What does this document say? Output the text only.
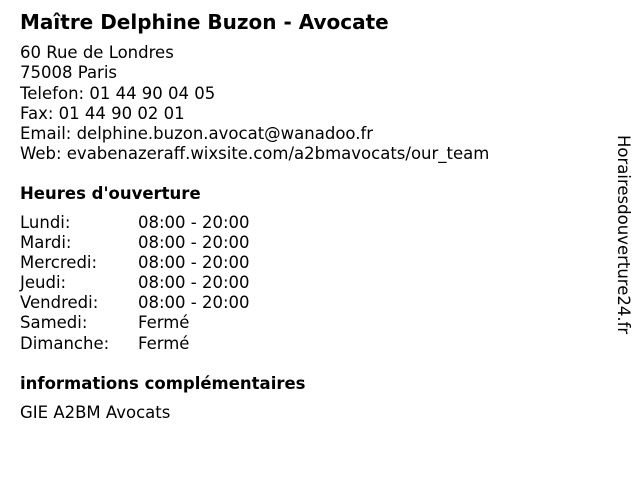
Maître Delphine Buzon - Avocate
60 Rue de Londres
75008 Paris
Telefon: 01 44 90 04 05
Fax: 01 44 90 02 01
Email: delphine.buzon.avocat@wanadoo.fr
Web: evabenazeraff.wixsite.com/a2bmavocats/our_team
Heures d'ouverture
Lundi:	08:00 - 20:00
Mardi:	08:00 - 20:00
Mercredi:	08:00 - 20:00
Jeudi:	08:00 - 20:00
Vendredi:	08:00 - 20:00
Samedi:	Fermé
Dimanche:	Fermé
informations complémentaires
GIE A2BM Avocats
Horairesdouverture24.fr
